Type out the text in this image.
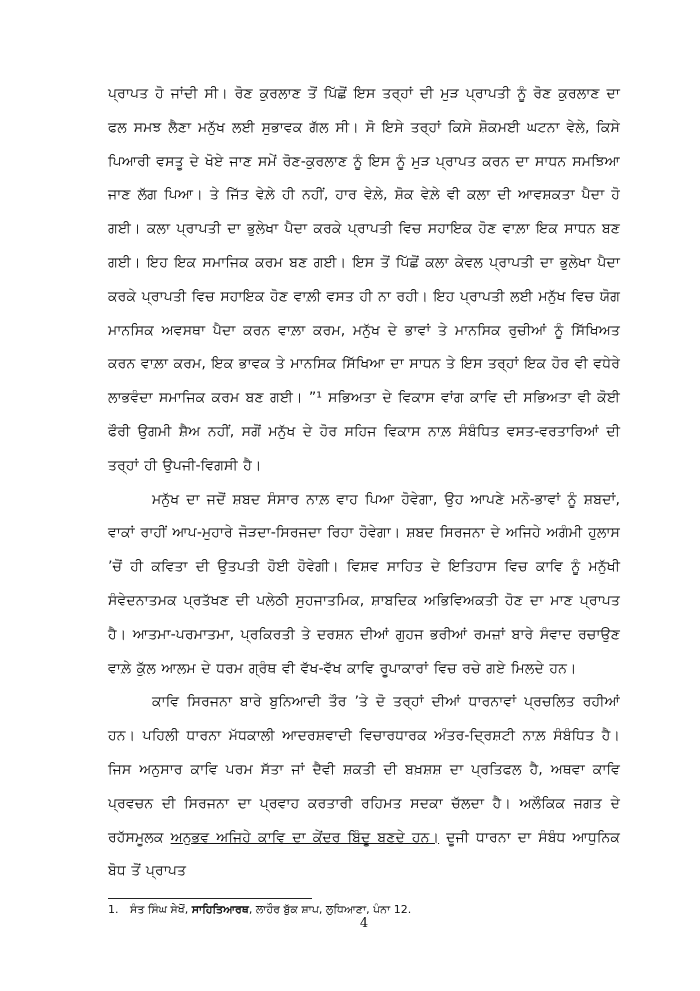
ਪ੍ਰਾਪਤ ਹੋ ਜਾਂਦੀ ਸੀ। ਰੋਣ ਕੁਰਲਾਣ ਤੋਂ ਪਿੱਛੋਂ ਇਸ ਤਰ੍ਹਾਂ ਦੀ ਮੁੜ ਪ੍ਰਾਪਤੀ ਨੂੰ ਰੋਣ ਕੁਰਲਾਣ ਦਾ ਫਲ ਸਮਝ ਲੈਣਾ ਮਨੁੱਖ ਲਈ ਸੁਭਾਵਕ ਗੱਲ ਸੀ। ਸੋ ਇਸੇ ਤਰ੍ਹਾਂ ਕਿਸੇ ਸ਼ੋਕਮਈ ਘਟਨਾ ਵੇਲੇ, ਕਿਸੇ ਪਿਆਰੀ ਵਸਤੂ ਦੇ ਖੋਏ ਜਾਣ ਸਮੇਂ ਰੋਣ-ਕੁਰਲਾਣ ਨੂੰ ਇਸ ਨੂੰ ਮੁੜ ਪ੍ਰਾਪਤ ਕਰਨ ਦਾ ਸਾਧਨ ਸਮਝਿਆ ਜਾਣ ਲੱਗ ਪਿਆ। ਤੇ ਜਿੱਤ ਵੇਲ਼ੇ ਹੀ ਨਹੀਂ, ਹਾਰ ਵੇਲ਼ੇ, ਸ਼ੋਕ ਵੇਲ਼ੇ ਵੀ ਕਲਾ ਦੀ ਆਵਸ਼ਕਤਾ ਪੈਦਾ ਹੋ ਗਈ। ਕਲਾ ਪ੍ਰਾਪਤੀ ਦਾ ਭੁਲੇਖਾ ਪੈਦਾ ਕਰਕੇ ਪ੍ਰਾਪਤੀ ਵਿਚ ਸਹਾਇਕ ਹੋਣ ਵਾਲ਼ਾ ਇਕ ਸਾਧਨ ਬਣ ਗਈ। ਇਹ ਇਕ ਸਮਾਜਿਕ ਕਰਮ ਬਣ ਗਈ। ਇਸ ਤੋਂ ਪਿੱਛੋਂ ਕਲਾ ਕੇਵਲ ਪ੍ਰਾਪਤੀ ਦਾ ਭੁਲੇਖਾ ਪੈਦਾ ਕਰਕੇ ਪ੍ਰਾਪਤੀ ਵਿਚ ਸਹਾਇਕ ਹੋਣ ਵਾਲ਼ੀ ਵਸਤ ਹੀ ਨਾ ਰਹੀ। ਇਹ ਪ੍ਰਾਪਤੀ ਲਈ ਮਨੁੱਖ ਵਿਚ ਯੋਗ ਮਾਨਸਿਕ ਅਵਸਥਾ ਪੈਦਾ ਕਰਨ ਵਾਲ਼ਾ ਕਰਮ, ਮਨੁੱਖ ਦੇ ਭਾਵਾਂ ਤੇ ਮਾਨਸਿਕ ਰੁਚੀਆਂ ਨੂੰ ਸਿੱਖਿਅਤ ਕਰਨ ਵਾਲ਼ਾ ਕਰਮ, ਇਕ ਭਾਵਕ ਤੇ ਮਾਨਸਿਕ ਸਿੱਖਿਆ ਦਾ ਸਾਧਨ ਤੇ ਇਸ ਤਰ੍ਹਾਂ ਇਕ ਹੋਰ ਵੀ ਵਧੇਰੇ ਲਾਭਵੰਦਾ ਸਮਾਜਿਕ ਕਰਮ ਬਣ ਗਈ। ”¹ ਸਭਿਅਤਾ ਦੇ ਵਿਕਾਸ ਵਾਂਗ ਕਾਵਿ ਦੀ ਸਭਿਅਤਾ ਵੀ ਕੋਈ ਫੌਰੀ ਉਗਮੀ ਸ਼ੈਅ ਨਹੀਂ, ਸਗੋਂ ਮਨੁੱਖ ਦੇ ਹੋਰ ਸਹਿਜ ਵਿਕਾਸ ਨਾਲ਼ ਸੰਬੰਧਿਤ ਵਸਤ-ਵਰਤਾਰਿਆਂ ਦੀ ਤਰ੍ਹਾਂ ਹੀ ਉਪਜੀ-ਵਿਗਸੀ ਹੈ।

ਮਨੁੱਖ ਦਾ ਜਦੋਂ ਸ਼ਬਦ ਸੰਸਾਰ ਨਾਲ਼ ਵਾਹ ਪਿਆ ਹੋਵੇਗਾ, ਉਹ ਆਪਣੇ ਮਨੋ-ਭਾਵਾਂ ਨੂੰ ਸ਼ਬਦਾਂ, ਵਾਕਾਂ ਰਾਹੀਂ ਆਪ-ਮੁਹਾਰੇ ਜੋੜਦਾ-ਸਿਰਜਦਾ ਰਿਹਾ ਹੋਵੇਗਾ। ਸ਼ਬਦ ਸਿਰਜਨਾ ਦੇ ਅਜਿਹੇ ਅਗੰਮੀ ਹੁਲਾਸ ’ਚੋਂ ਹੀ ਕਵਿਤਾ ਦੀ ਉਤਪਤੀ ਹੋਈ ਹੋਵੇਗੀ। ਵਿਸ਼ਵ ਸਾਹਿਤ ਦੇ ਇਤਿਹਾਸ ਵਿਚ ਕਾਵਿ ਨੂੰ ਮਨੁੱਖੀ ਸੰਵੇਦਨਾਤਮਕ ਪ੍ਰਤੱਖਣ ਦੀ ਪਲੇਠੀ ਸੁਹਜਾਤਮਿਕ, ਸ਼ਾਬਦਿਕ ਅਭਿਵਿਅਕਤੀ ਹੋਣ ਦਾ ਮਾਣ ਪ੍ਰਾਪਤ ਹੈ। ਆਤਮਾ-ਪਰਮਾਤਮਾ, ਪ੍ਰਕਿਰਤੀ ਤੇ ਦਰਸ਼ਨ ਦੀਆਂ ਗੁਹਜ ਭਰੀਆਂ ਰਮਜ਼ਾਂ ਬਾਰੇ ਸੰਵਾਦ ਰਚਾਉਣ ਵਾਲ਼ੇ ਕੁੱਲ ਆਲਮ ਦੇ ਧਰਮ ਗ੍ਰੰਥ ਵੀ ਵੱਖ-ਵੱਖ ਕਾਵਿ ਰੂਪਾਕਾਰਾਂ ਵਿਚ ਰਚੇ ਗਏ ਮਿਲਦੇ ਹਨ।

ਕਾਵਿ ਸਿਰਜਨਾ ਬਾਰੇ ਬੁਨਿਆਦੀ ਤੌਰ ’ਤੇ ਦੋ ਤਰ੍ਹਾਂ ਦੀਆਂ ਧਾਰਨਾਵਾਂ ਪ੍ਰਚਲਿਤ ਰਹੀਆਂ ਹਨ। ਪਹਿਲੀ ਧਾਰਨਾ ਮੱਧਕਾਲੀ ਆਦਰਸ਼ਵਾਦੀ ਵਿਚਾਰਧਾਰਕ ਅੰਤਰ-ਦ੍ਰਿਸ਼ਟੀ ਨਾਲ਼ ਸੰਬੰਧਿਤ ਹੈ। ਜਿਸ ਅਨੁਸਾਰ ਕਾਵਿ ਪਰਮ ਸੱਤਾ ਜਾਂ ਦੈਵੀ ਸ਼ਕਤੀ ਦੀ ਬਖ਼ਸ਼ਸ਼ ਦਾ ਪ੍ਰਤਿਫਲ ਹੈ, ਅਥਵਾ ਕਾਵਿ ਪ੍ਰਵਚਨ ਦੀ ਸਿਰਜਨਾ ਦਾ ਪ੍ਰਵਾਹ ਕਰਤਾਰੀ ਰਹਿਮਤ ਸਦਕਾ ਚੱਲਦਾ ਹੈ। ਅਲੌਕਿਕ ਜਗਤ ਦੇ ਰਹੱਸਮੂਲਕ ਅਨੁਭਵ ਅਜਿਹੇ ਕਾਵਿ ਦਾ ਕੇਂਦਰ ਬਿੰਦੂ ਬਣਦੇ ਹਨ। ਦੂਜੀ ਧਾਰਨਾ ਦਾ ਸੰਬੰਧ ਆਧੁਨਿਕ ਬੋਧ ਤੋਂ ਪ੍ਰਾਪਤ

1. ਸੰਤ ਸਿੰਘ ਸੇਖੋਂ, ਸਾਹਿਤਿਆਰਥ, ਲਾਹੌਰ ਬੁੱਕ ਸ਼ਾਪ, ਲੁਧਿਆਣਾ, ਪੰਨਾ 12.
4
